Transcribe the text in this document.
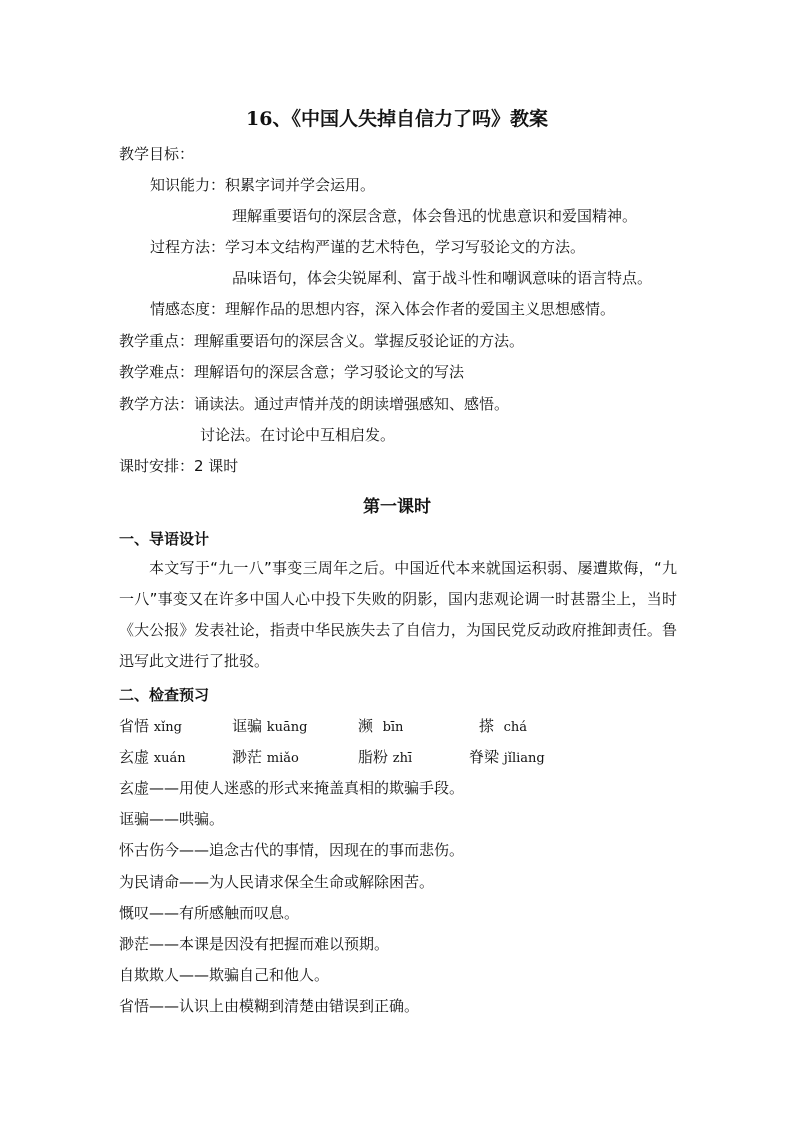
16、《中国人失掉自信力了吗》教案
教学目标：
知识能力：积累字词并学会运用。
理解重要语句的深层含意，体会鲁迅的忧患意识和爱国精神。
过程方法：学习本文结构严谨的艺术特色，学习写驳论文的方法。
品味语句，体会尖锐犀利、富于战斗性和嘲讽意味的语言特点。
情感态度：理解作品的思想内容，深入体会作者的爱国主义思想感情。
教学重点：理解重要语句的深层含义。掌握反驳论证的方法。
教学难点：理解语句的深层含意；学习驳论文的写法
教学方法：诵读法。通过声情并茂的朗读增强感知、感悟。
讨论法。在讨论中互相启发。
课时安排：2 课时
第一课时
一、导语设计
本文写于“九一八”事变三周年之后。中国近代本来就国运积弱、屡遭欺侮，“九一八”事变又在许多中国人心中投下失败的阴影，国内悲观论调一时甚嚣尘上，当时《大公报》发表社论，指责中华民族失去了自信力，为国民党反动政府推卸责任。鲁迅写此文进行了批驳。
二、检查预习
省悟 xǐng	诓骗 kuāng	濒 bīn	搽 chá
玄虚 xuán	渺茫 miǎo	脂粉 zhī	脊梁 jǐliang
玄虚——用使人迷惑的形式来掩盖真相的欺骗手段。
诓骗——哄骗。
怀古伤今——追念古代的事情，因现在的事而悲伤。
为民请命——为人民请求保全生命或解除困苦。
慨叹——有所感触而叹息。
渺茫——本课是因没有把握而难以预期。
自欺欺人——欺骗自己和他人。
省悟——认识上由模糊到清楚由错误到正确。
